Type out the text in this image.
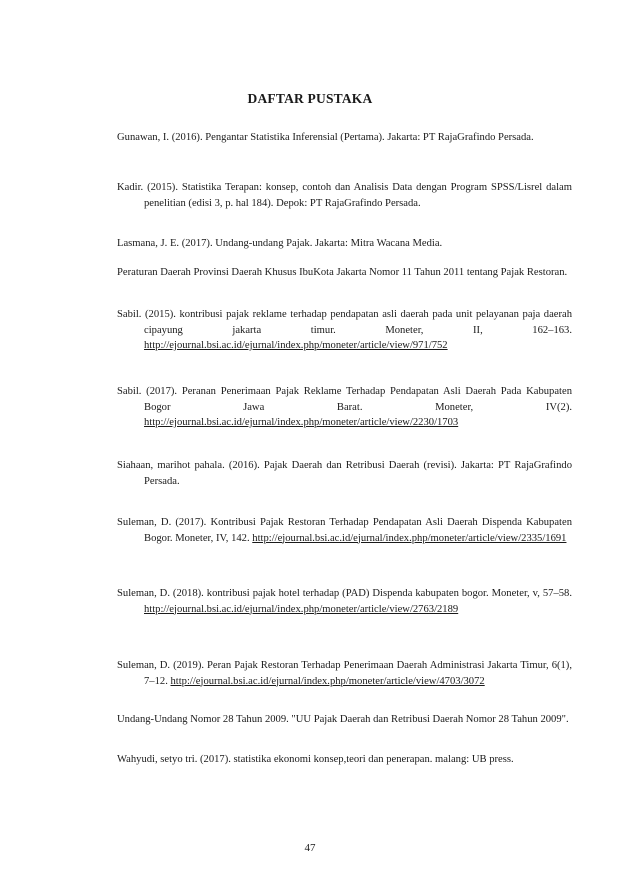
DAFTAR PUSTAKA
Gunawan, I. (2016). Pengantar Statistika Inferensial (Pertama). Jakarta: PT RajaGrafindo Persada.
Kadir. (2015). Statistika Terapan: konsep, contoh dan Analisis Data dengan Program SPSS/Lisrel dalam penelitian (edisi 3, p. hal 184). Depok: PT RajaGrafindo Persada.
Lasmana, J. E. (2017). Undang-undang Pajak. Jakarta: Mitra Wacana Media.
Peraturan Daerah Provinsi Daerah Khusus IbuKota Jakarta Nomor 11 Tahun 2011 tentang Pajak Restoran.
Sabil. (2015). kontribusi pajak reklame terhadap pendapatan asli daerah pada unit pelayanan paja daerah cipayung jakarta timur. Moneter, II, 162–163. http://ejournal.bsi.ac.id/ejurnal/index.php/moneter/article/view/971/752
Sabil. (2017). Peranan Penerimaan Pajak Reklame Terhadap Pendapatan Asli Daerah Pada Kabupaten Bogor Jawa Barat. Moneter, IV(2). http://ejournal.bsi.ac.id/ejurnal/index.php/moneter/article/view/2230/1703
Siahaan, marihot pahala. (2016). Pajak Daerah dan Retribusi Daerah (revisi). Jakarta: PT RajaGrafindo Persada.
Suleman, D. (2017). Kontribusi Pajak Restoran Terhadap Pendapatan Asli Daerah Dispenda Kabupaten Bogor. Moneter, IV, 142. http://ejournal.bsi.ac.id/ejurnal/index.php/moneter/article/view/2335/1691
Suleman, D. (2018). kontribusi pajak hotel terhadap (PAD) Dispenda kabupaten bogor. Moneter, v, 57–58. http://ejournal.bsi.ac.id/ejurnal/index.php/moneter/article/view/2763/2189
Suleman, D. (2019). Peran Pajak Restoran Terhadap Penerimaan Daerah Administrasi Jakarta Timur, 6(1), 7–12. http://ejournal.bsi.ac.id/ejurnal/index.php/moneter/article/view/4703/3072
Undang-Undang Nomor 28 Tahun 2009. "UU Pajak Daerah dan Retribusi Daerah Nomor 28 Tahun 2009".
Wahyudi, setyo tri. (2017). statistika ekonomi konsep,teori dan penerapan. malang: UB press.
47
